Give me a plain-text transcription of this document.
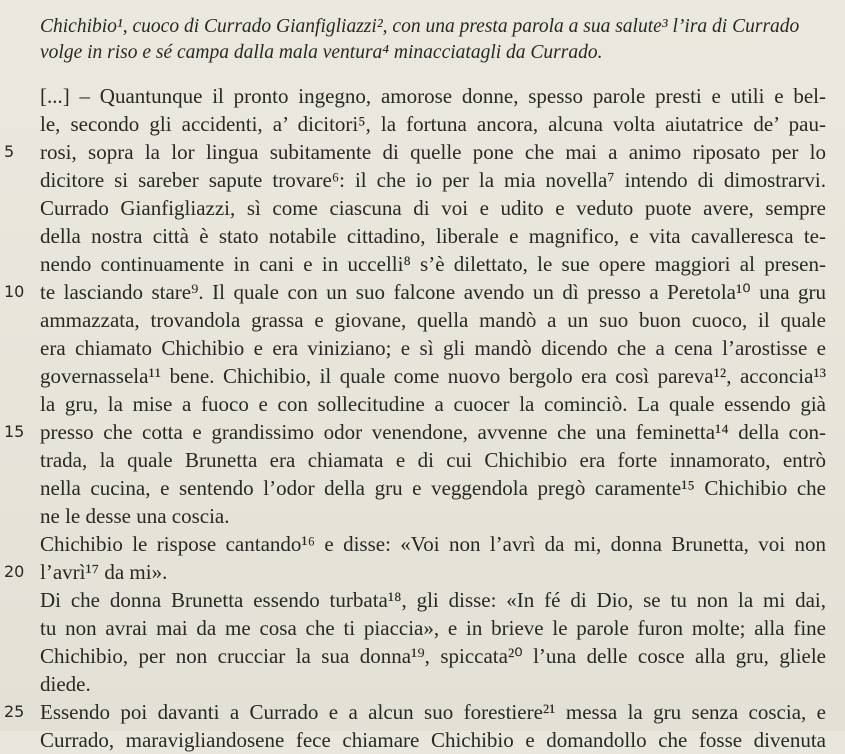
Chichibio¹, cuoco di Currado Gianfigliazzi², con una presta parola a sua salute³ l’ira di Currado
volge in riso e sé campa dalla mala ventura⁴ minacciatagli da Currado.
[...] – Quantunque il pronto ingegno, amorose donne, spesso parole presti e utili e bel-
le, secondo gli accidenti, a’ dicitori⁵, la fortuna ancora, alcuna volta aiutatrice de’ pau-
rosi, sopra la lor lingua subitamente di quelle pone che mai a animo riposato per lo
dicitore si sareber sapute trovare⁶: il che io per la mia novella⁷ intendo di dimostrarvi.
Currado Gianfigliazzi, sì come ciascuna di voi e udito e veduto puote avere, sempre
della nostra città è stato notabile cittadino, liberale e magnifico, e vita cavalleresca te-
nendo continuamente in cani e in uccelli⁸ s’è dilettato, le sue opere maggiori al presen-
te lasciando stare⁹. Il quale con un suo falcone avendo un dì presso a Peretola¹⁰ una gru
ammazzata, trovandola grassa e giovane, quella mandò a un suo buon cuoco, il quale
era chiamato Chichibio e era viniziano; e sì gli mandò dicendo che a cena l’arostisse e
governassela¹¹ bene. Chichibio, il quale come nuovo bergolo era così pareva¹², acconcia¹³
la gru, la mise a fuoco e con sollecitudine a cuocer la cominciò. La quale essendo già
presso che cotta e grandissimo odor venendone, avvenne che una feminetta¹⁴ della con-
trada, la quale Brunetta era chiamata e di cui Chichibio era forte innamorato, entrò
nella cucina, e sentendo l’odor della gru e veggendola pregò caramente¹⁵ Chichibio che
ne le desse una coscia.
Chichibio le rispose cantando¹⁶ e disse: «Voi non l’avrì da mi, donna Brunetta, voi non
l’avrì¹⁷ da mi».
Di che donna Brunetta essendo turbata¹⁸, gli disse: «In fé di Dio, se tu non la mi dai,
tu non avrai mai da me cosa che ti piaccia», e in brieve le parole furon molte; alla fine
Chichibio, per non crucciar la sua donna¹⁹, spiccata²⁰ l’una delle cosce alla gru, gliele
diede.
Essendo poi davanti a Currado e a alcun suo forestiere²¹ messa la gru senza coscia, e
Currado, maravigliandosene fece chiamare Chichibio e domandollo che fosse divenuta
5
10
15
20
25
